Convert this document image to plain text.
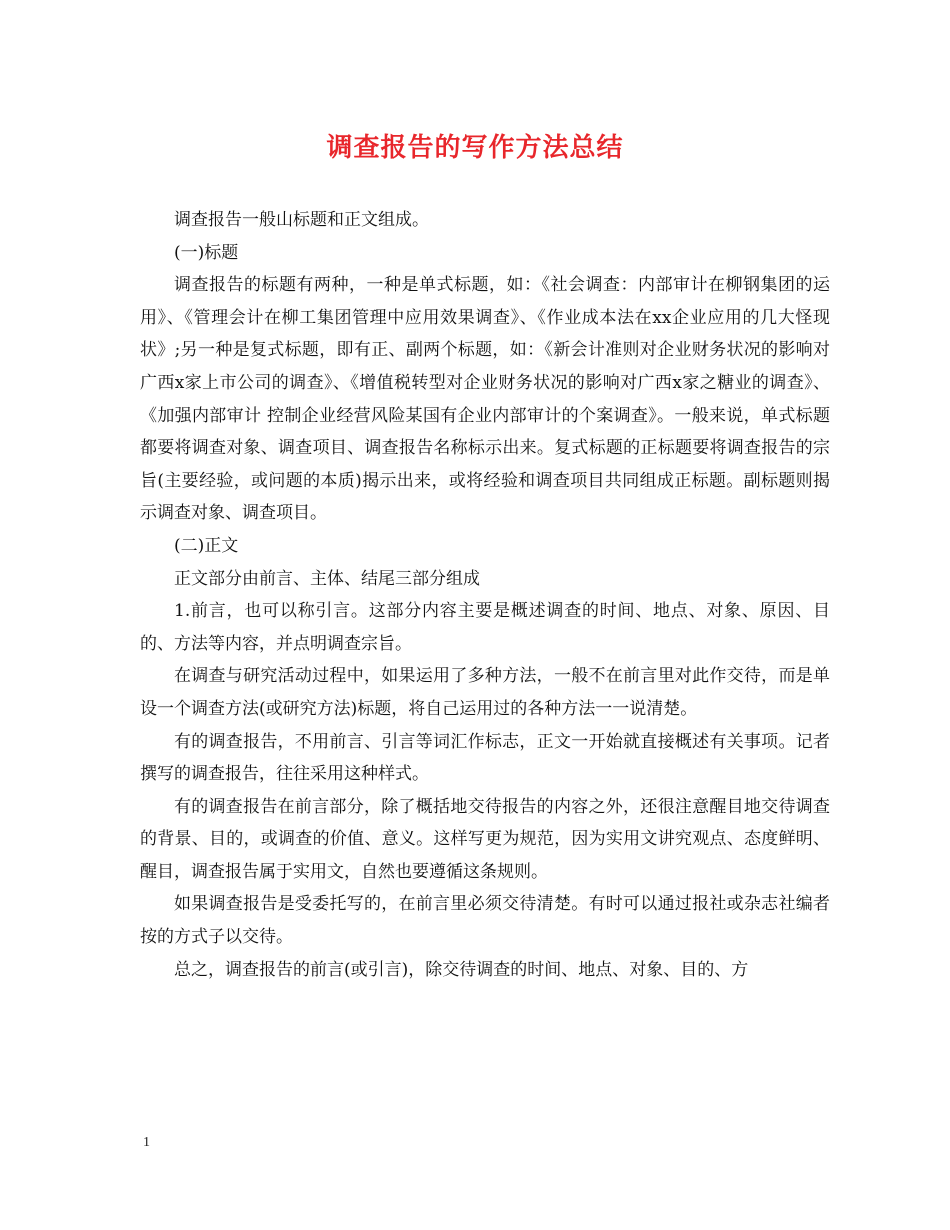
调查报告的写作方法总结

调查报告一般山标题和正文组成。

(一)标题

调查报告的标题有两种，一种是单式标题，如：《社会调查：内部审计在柳钢集团的运用》、《管理会计在柳工集团管理中应用效果调查》、《作业成本法在xx企业应用的几大怪现状》;另一种是复式标题，即有正、副两个标题，如：《新会计准则对企业财务状况的影响对广西x家上市公司的调查》、《增值税转型对企业财务状况的影响对广西x家之糖业的调查》、《加强内部审计 控制企业经营风险某国有企业内部审计的个案调查》。一般来说，单式标题都要将调查对象、调查项目、调查报告名称标示出来。复式标题的正标题要将调查报告的宗旨(主要经验，或问题的本质)揭示出来，或将经验和调查项目共同组成正标题。副标题则揭示调查对象、调查项目。

(二)正文

正文部分由前言、主体、结尾三部分组成

1.前言，也可以称引言。这部分内容主要是概述调查的时间、地点、对象、原因、目的、方法等内容，并点明调查宗旨。

在调查与研究活动过程中，如果运用了多种方法，一般不在前言里对此作交待，而是单设一个调查方法(或研究方法)标题，将自己运用过的各种方法一一说清楚。

有的调查报告，不用前言、引言等词汇作标志，正文一开始就直接概述有关事项。记者撰写的调查报告，往往采用这种样式。

有的调查报告在前言部分，除了概括地交待报告的内容之外，还很注意醒目地交待调查的背景、目的，或调查的价值、意义。这样写更为规范，因为实用文讲究观点、态度鲜明、醒目，调查报告属于实用文，自然也要遵循这条规则。

如果调查报告是受委托写的，在前言里必须交待清楚。有时可以通过报社或杂志社编者按的方式子以交待。

总之，调查报告的前言(或引言)，除交待调查的时间、地点、对象、目的、方

1
